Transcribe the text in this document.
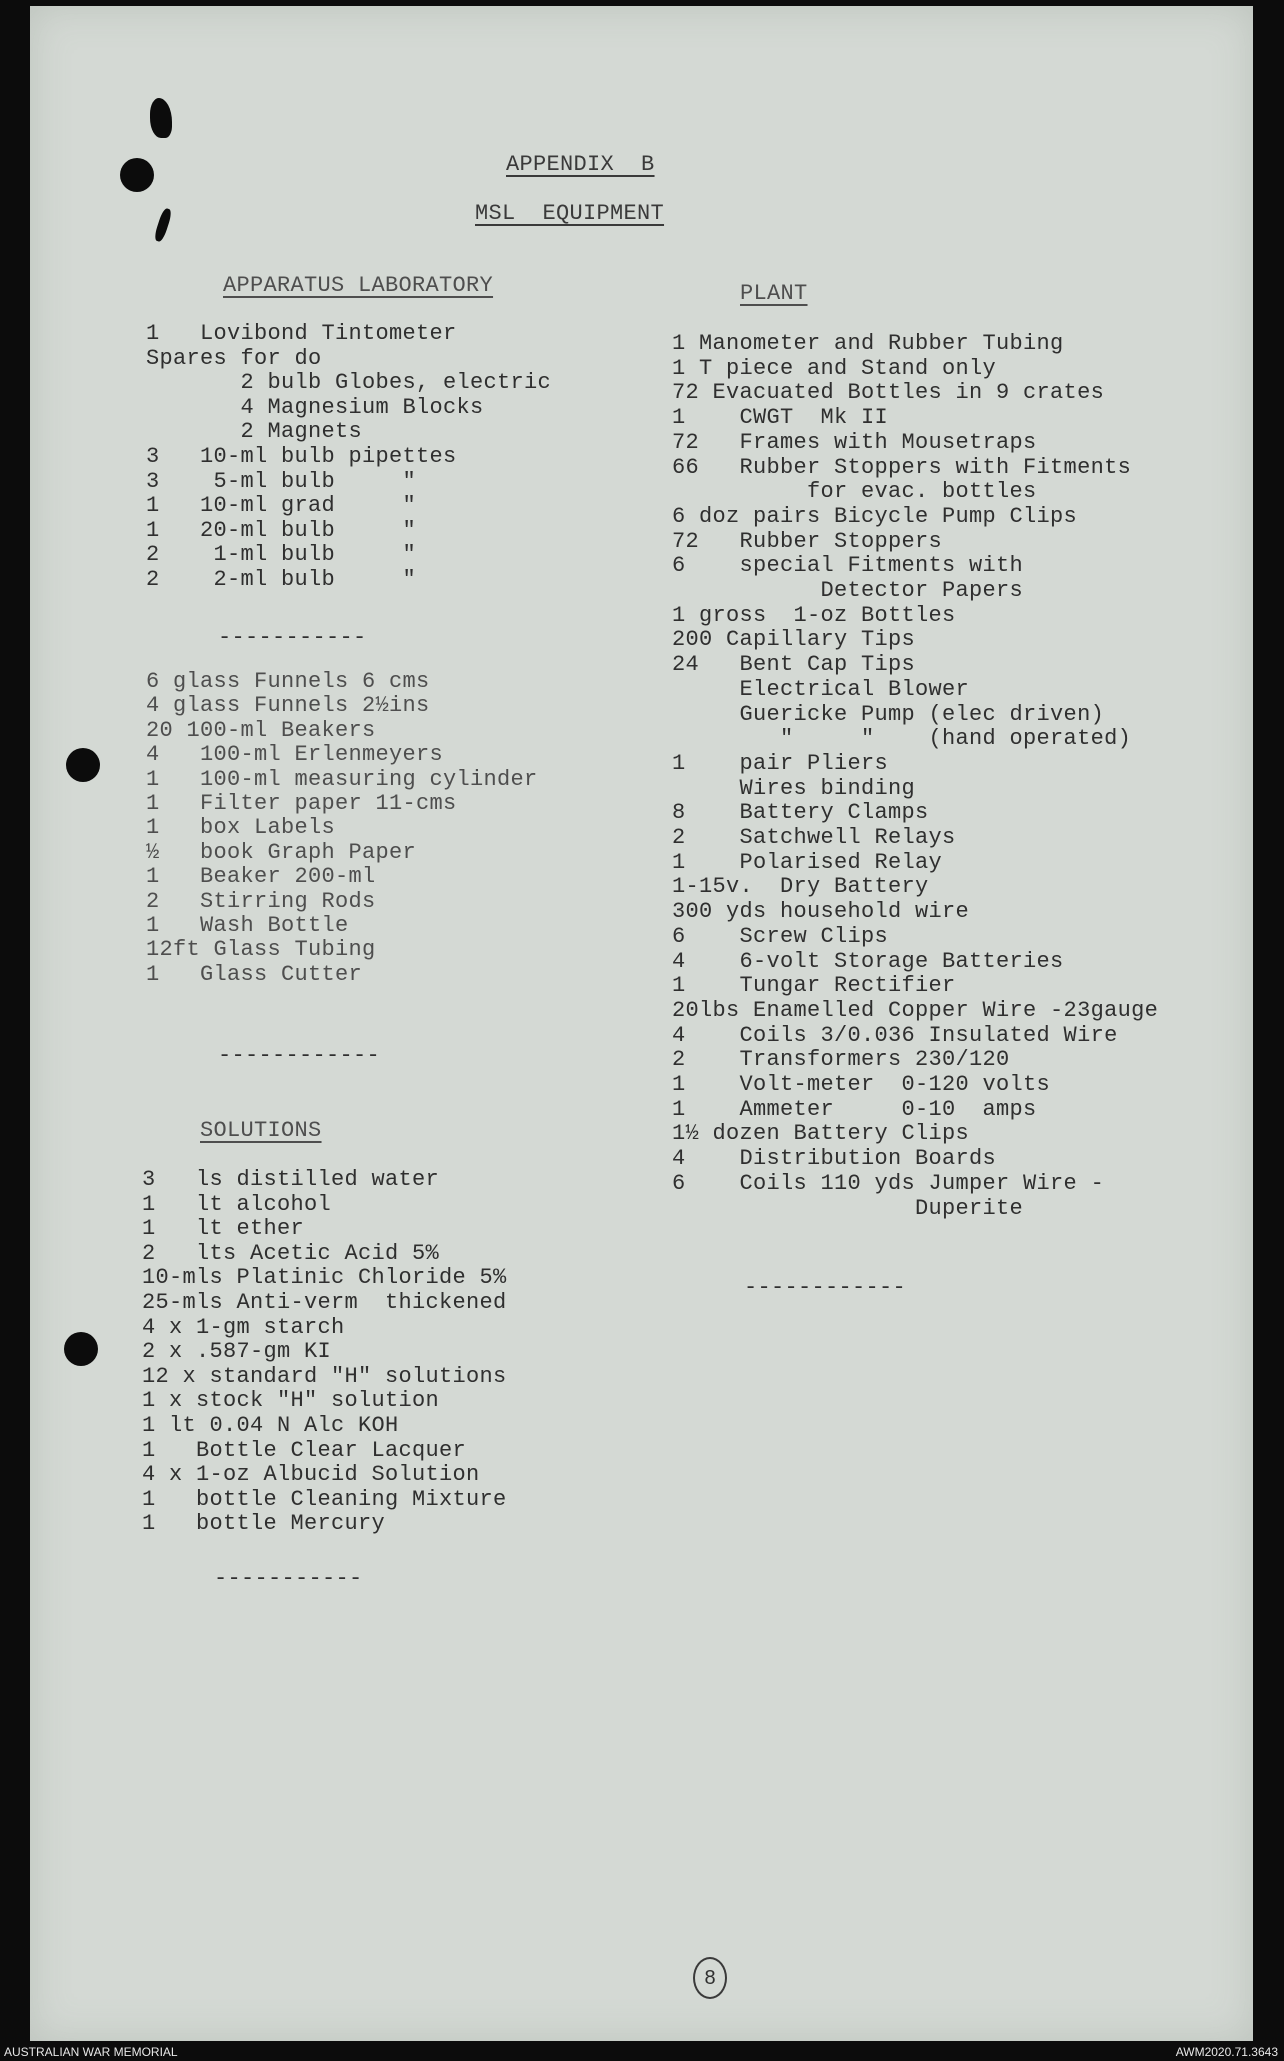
APPENDIX  B
MSL  EQUIPMENT
APPARATUS LABORATORY
1   Lovibond Tintometer
Spares for do
2 bulb Globes, electric
4 Magnesium Blocks
2 Magnets
3   10-ml bulb pipettes
3    5-ml bulb     "
1   10-ml grad     "
1   20-ml bulb     "
2    1-ml bulb     "
2    2-ml bulb     "
-----------
6 glass Funnels 6 cms
4 glass Funnels 2½ins
20 100-ml Beakers
4   100-ml Erlenmeyers
1   100-ml measuring cylinder
1   Filter paper 11-cms
1   box Labels
½   book Graph Paper
1   Beaker 200-ml
2   Stirring Rods
1   Wash Bottle
12ft Glass Tubing
1   Glass Cutter
------------
SOLUTIONS
3   ls distilled water
1   lt alcohol
1   lt ether
2   lts Acetic Acid 5%
10-mls Platinic Chloride 5%
25-mls Anti-verm  thickened
4 x 1-gm starch
2 x .587-gm KI
12 x standard "H" solutions
1 x stock "H" solution
1 lt 0.04 N Alc KOH
1   Bottle Clear Lacquer
4 x 1-oz Albucid Solution
1   bottle Cleaning Mixture
1   bottle Mercury
-----------
PLANT
1 Manometer and Rubber Tubing
1 T piece and Stand only
72 Evacuated Bottles in 9 crates
1    CWGT  Mk II
72   Frames with Mousetraps
66   Rubber Stoppers with Fitments
for evac. bottles
6 doz pairs Bicycle Pump Clips
72   Rubber Stoppers
6    special Fitments with
Detector Papers
1 gross  1-oz Bottles
200 Capillary Tips
24   Bent Cap Tips
Electrical Blower
Guericke Pump (elec driven)
"     "    (hand operated)
1    pair Pliers
Wires binding
8    Battery Clamps
2    Satchwell Relays
1    Polarised Relay
1-15v.  Dry Battery
300 yds household wire
6    Screw Clips
4    6-volt Storage Batteries
1    Tungar Rectifier
20lbs Enamelled Copper Wire -23gauge
4    Coils 3/0.036 Insulated Wire
2    Transformers 230/120
1    Volt-meter  0-120 volts
1    Ammeter     0-10  amps
1½ dozen Battery Clips
4    Distribution Boards
6    Coils 110 yds Jumper Wire -
Duperite
------------
8
AUSTRALIAN WAR MEMORIAL	AWM2020.71.3643
